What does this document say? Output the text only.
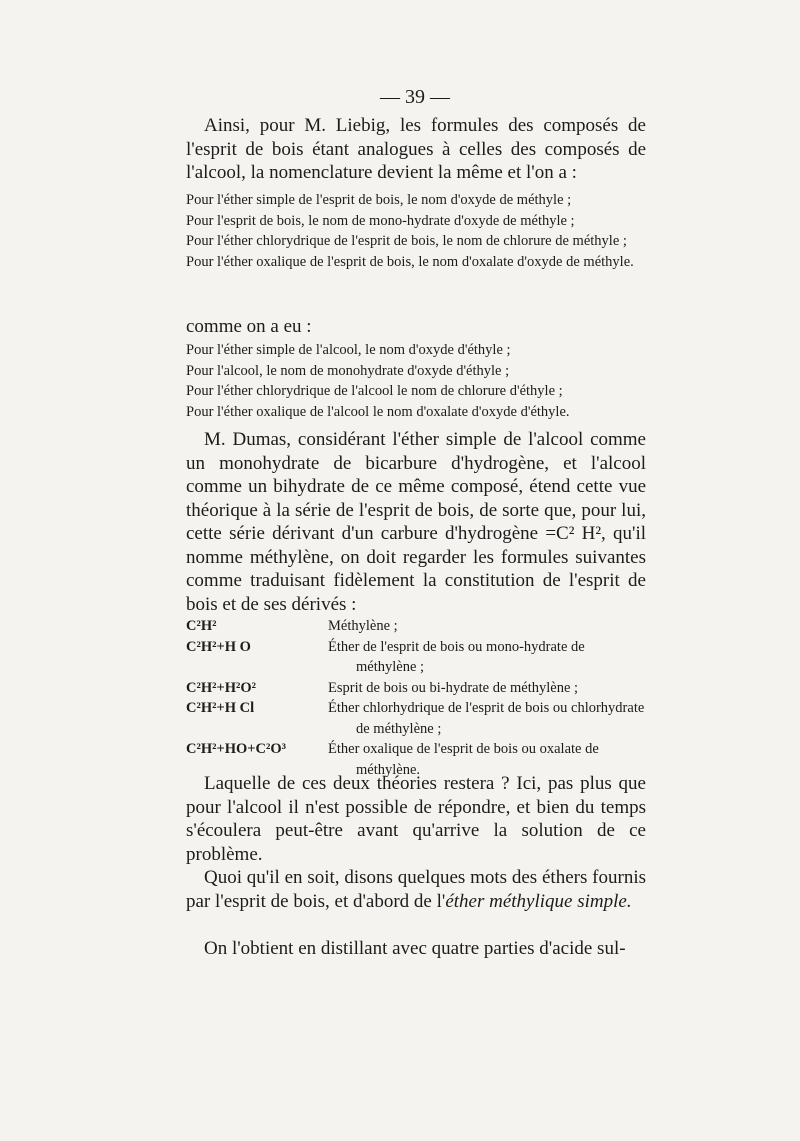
— 39 —

Ainsi, pour M. Liebig, les formules des composés de l'esprit de bois étant analogues à celles des composés de l'alcool, la nomenclature devient la même et l'on a :

Pour l'éther simple de l'esprit de bois, le nom d'oxyde de méthyle ;
Pour l'esprit de bois, le nom de mono-hydrate d'oxyde de méthyle ;
Pour l'éther chlorydrique de l'esprit de bois, le nom de chlorure de méthyle ;
Pour l'éther oxalique de l'esprit de bois, le nom d'oxalate d'oxyde de méthyle.

comme on a eu :

Pour l'éther simple de l'alcool, le nom d'oxyde d'éthyle ;
Pour l'alcool, le nom de monohydrate d'oxyde d'éthyle ;
Pour l'éther chlorydrique de l'alcool le nom de chlorure d'éthyle ;
Pour l'éther oxalique de l'alcool le nom d'oxalate d'oxyde d'éthyle.

M. Dumas, considérant l'éther simple de l'alcool comme un monohydrate de bicarbure d'hydrogène, et l'alcool comme un bihydrate de ce même composé, étend cette vue théorique à la série de l'esprit de bois, de sorte que, pour lui, cette série dérivant d'un carbure d'hydrogène =C² H², qu'il nomme méthylène, on doit regarder les formules suivantes comme traduisant fidèlement la constitution de l'esprit de bois et de ses dérivés :

C²H²	Méthylène ;
C²H²+H O	Éther de l'esprit de bois ou mono-hydrate de méthylène ;
C²H²+H²O²	Esprit de bois ou bi-hydrate de méthylène ;
C²H²+H Cl	Éther chlorhydrique de l'esprit de bois ou chlorhydrate de méthylène ;
C²H²+HO+C²O³	Éther oxalique de l'esprit de bois ou oxalate de méthylène.

Laquelle de ces deux théories restera ? Ici, pas plus que pour l'alcool il n'est possible de répondre, et bien du temps s'écoulera peut-être avant qu'arrive la solution de ce problème.

Quoi qu'il en soit, disons quelques mots des éthers fournis par l'esprit de bois, et d'abord de l'éther méthylique simple.

On l'obtient en distillant avec quatre parties d'acide sul-
